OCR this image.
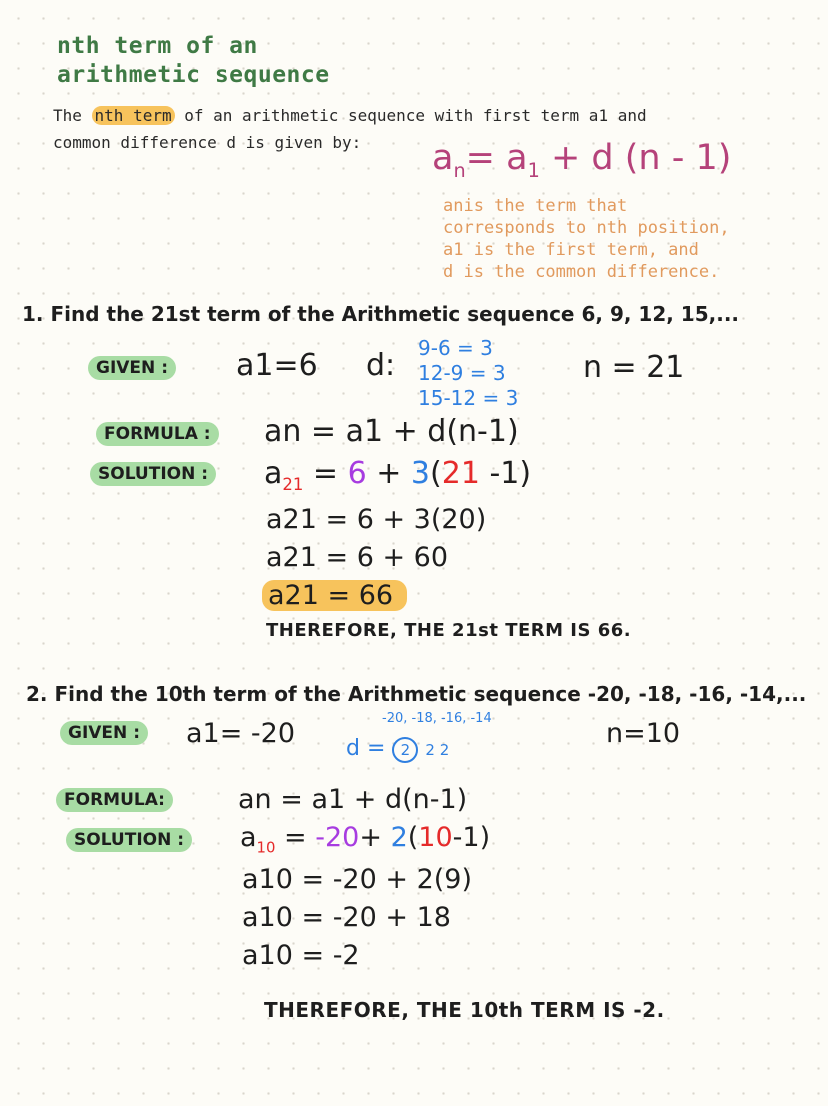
nth term of an
arithmetic sequence
The nth term of an arithmetic sequence with first term a1 and
common difference d is given by:	$a_n= a_1 + d$ (n - 1)
anis the term that
corresponds to nth position,
a1 is the first term, and
d is the common difference.
1. Find the 21st term of the Arithmetic sequence 6, 9, 12, 15,...
GIVEN : a1=6 d: 9-6 = 3
12-9 = 3
15-12 = 3
n = 21
FORMULA : an = a1 + d(n-1)
SOLUTION : $a_{21} = 6 + 3(21$ -1)
a21 = 6 + 3(20)
a21 = 6 + 60
a21 = 66
THEREFORE, THE 21st TERM IS 66.
2. Find the 10th term of the Arithmetic sequence -20, -18, -16, -14,...
GIVEN : a1= -20	-20, -18, -16, -14
d = 2 2 2
n=10
FORMULA:	an = a1 + d(n-1)
SOLUTION : $a_{10} = -20+ 2(10-1)$
a10 = -20 + 2(9)
a10 = -20 + 18
a10 = -2
THEREFORE, THE 10th TERM IS -2.
